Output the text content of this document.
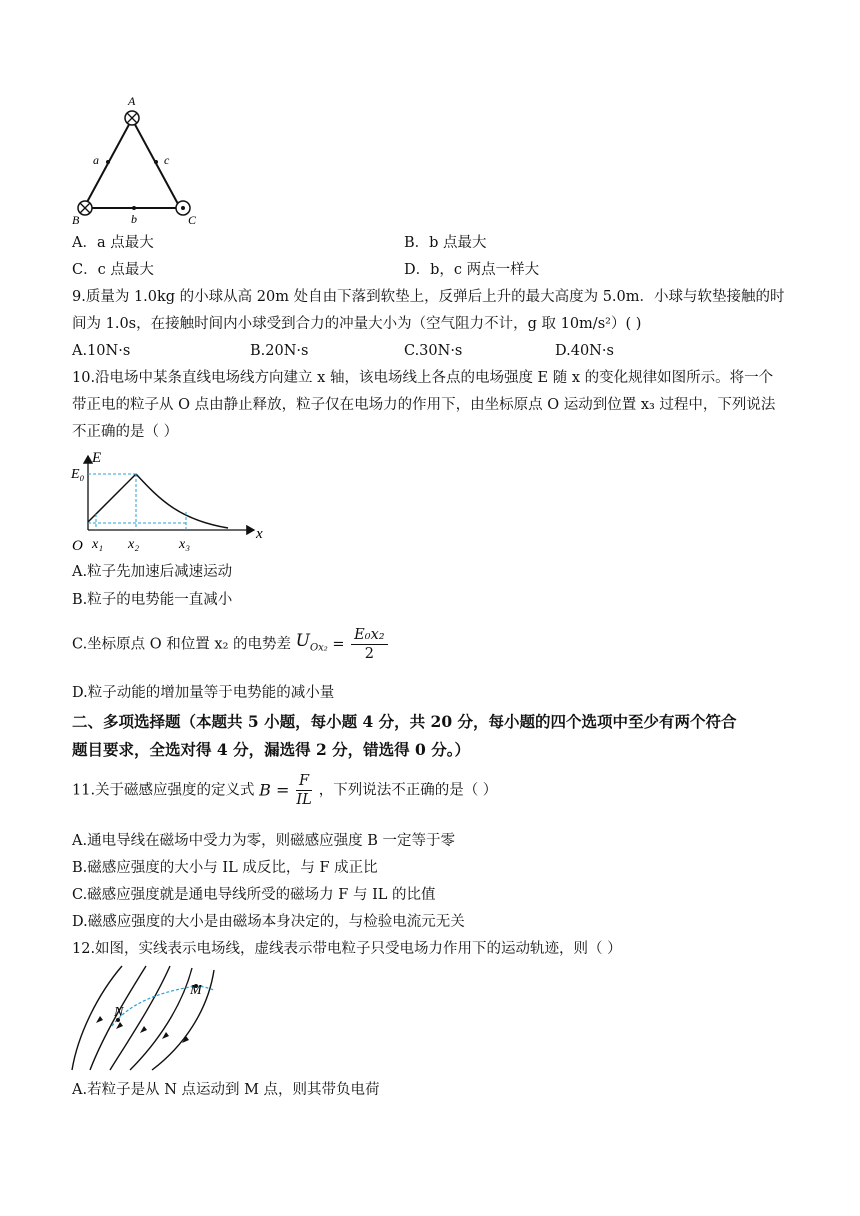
A
a	c
B	b	C
A．a 点最大	B．b 点最大
C．c 点最大	D．b，c 两点一样大
9.质量为 1.0kg 的小球从高 20m 处自由下落到软垫上，反弹后上升的最大高度为 5.0m．小球与软垫接触的时
间为 1.0s，在接触时间内小球受到合力的冲量大小为（空气阻力不计，g 取 10m/s²）( )
A.10N·s	B.20N·s	C.30N·s	D.40N·s
10.沿电场中某条直线电场线方向建立 x 轴，该电场线上各点的电场强度 E 随 x 的变化规律如图所示。将一个
带正电的粒子从 O 点由静止释放，粒子仅在电场力的作用下，由坐标原点 O 运动到位置 x₃ 过程中，下列说法
不正确的是（ ）
E
E₀
O x₁ x₂	x₃
x
A.粒子先加速后减速运动
B.粒子的电势能一直减小
C.坐标原点 O 和位置 x₂ 的电势差 $U_{Ox_2} = \frac{\text{E₀x₂}}{2}$
D.粒子动能的增加量等于电势能的减小量
二、多项选择题（本题共 5 小题，每小题 4 分，共 20 分，每小题的四个选项中至少有两个符合
题目要求，全选对得 4 分，漏选得 2 分，错选得 0 分。）
11.关于磁感应强度的定义式 $B = \frac{F}{IL}$ ，下列说法不正确的是（ ）
A.通电导线在磁场中受力为零，则磁感应强度 B 一定等于零
B.磁感应强度的大小与 IL 成反比，与 F 成正比
C.磁感应强度就是通电导线所受的磁场力 F 与 IL 的比值
D.磁感应强度的大小是由磁场本身决定的，与检验电流元无关
12.如图，实线表示电场线，虚线表示带电粒子只受电场力作用下的运动轨迹，则（ ）
N
M
A.若粒子是从 N 点运动到 M 点，则其带负电荷
